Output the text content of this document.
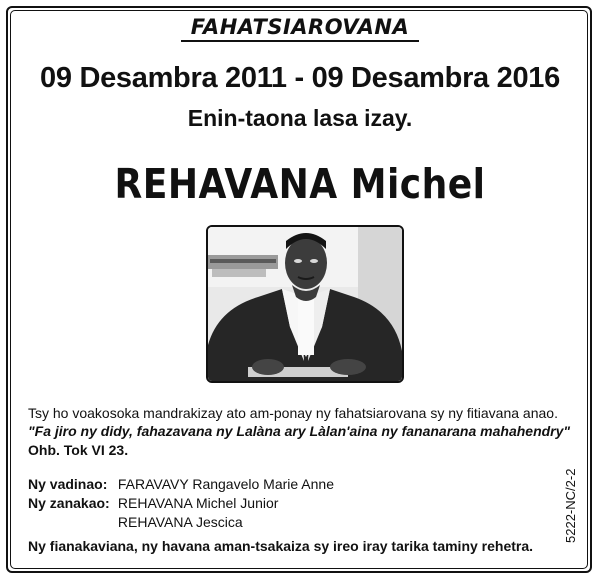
FAHATSIAROVANA
09 Desambra 2011 - 09 Desambra 2016
Enin-taona lasa izay.
REHAVANA Michel
Tsy ho voakosoka mandrakizay ato am-ponay ny fahatsiarovana sy ny fitiavana anao.
"Fa jiro ny didy, fahazavana ny Lalàna ary Làlan'aina ny fananarana mahahendry"
Ohb. Tok VI 23.
Ny vadinao: FARAVAVY Rangavelo Marie Anne
Ny zanakao: REHAVANA Michel Junior
REHAVANA Jescica
Ny fianakaviana, ny havana aman-tsakaiza sy ireo iray tarika taminy rehetra.
5222-NC/2-2
